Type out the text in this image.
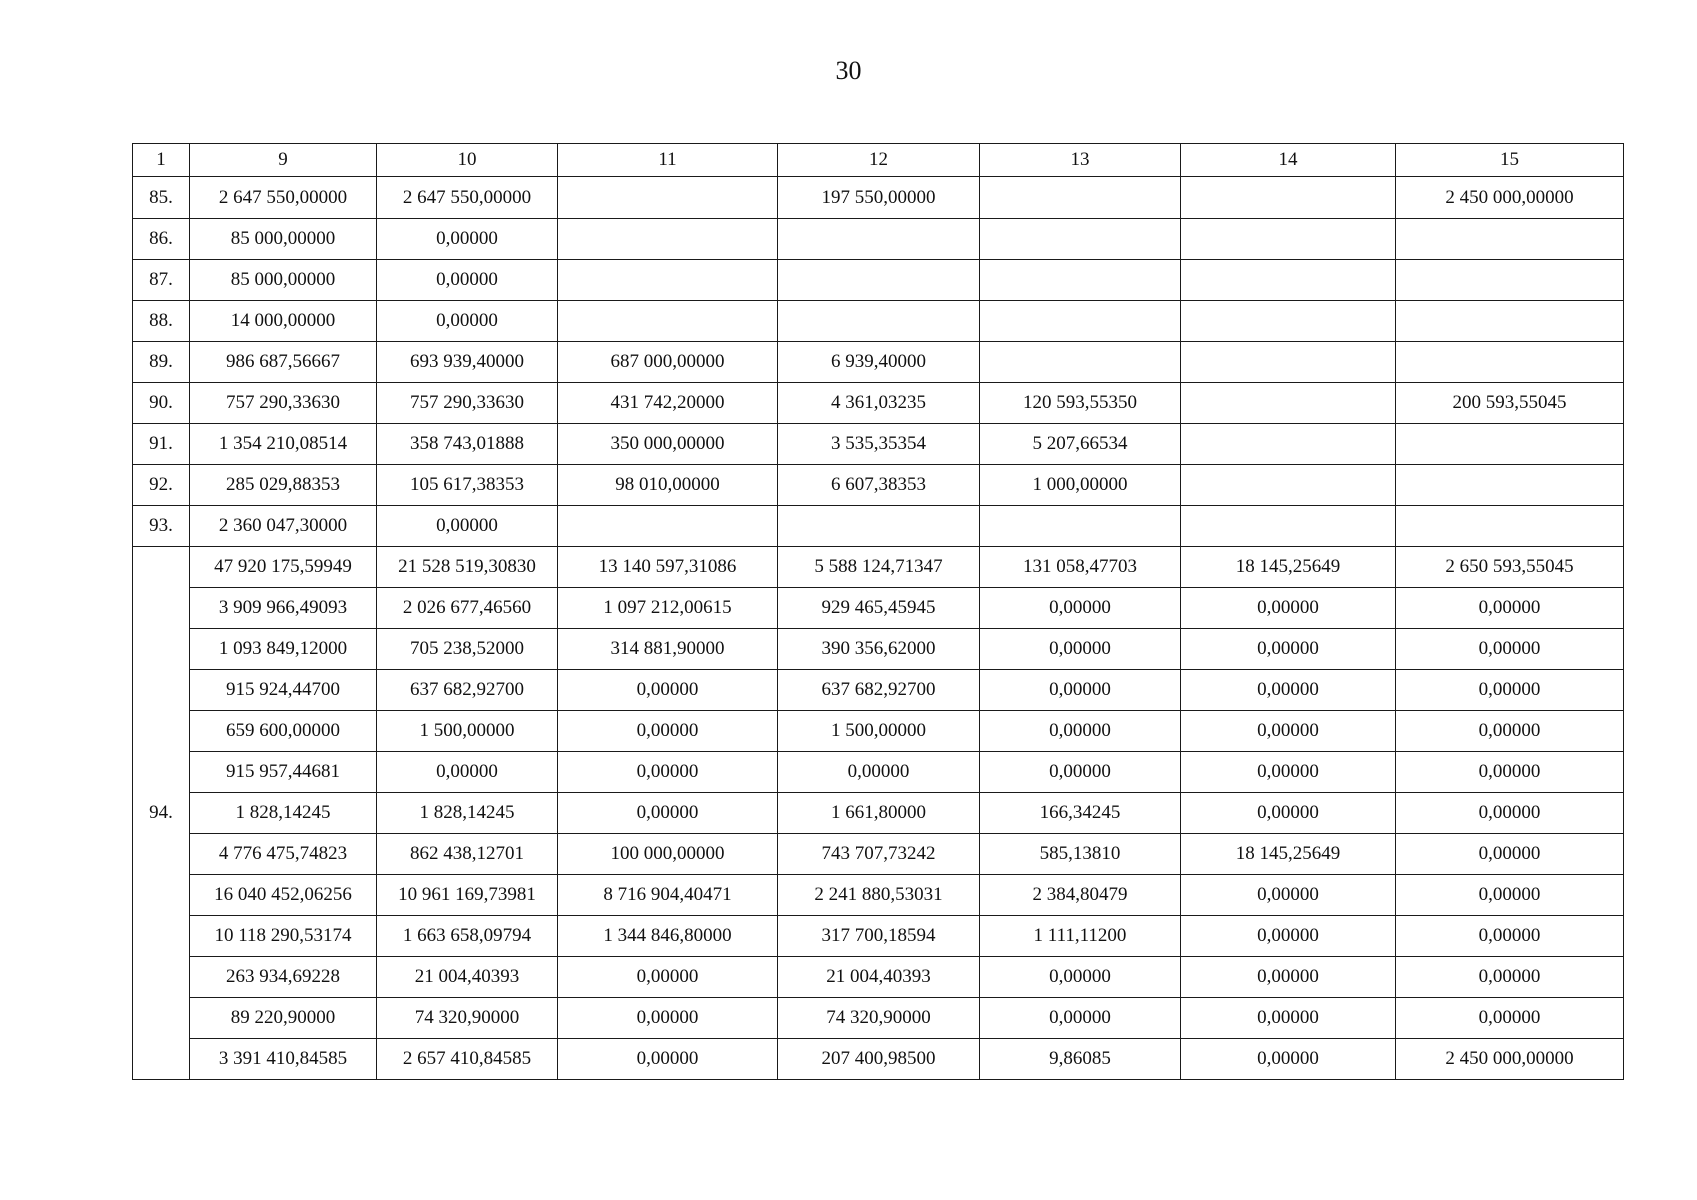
30
1	9	10	11	12	13	14	15
85.	2 647 550,00000	2 647 550,00000		197 550,00000			2 450 000,00000
86.	85 000,00000	0,00000					
87.	85 000,00000	0,00000					
88.	14 000,00000	0,00000					
89.	986 687,56667	693 939,40000	687 000,00000	6 939,40000			
90.	757 290,33630	757 290,33630	431 742,20000	4 361,03235	120 593,55350		200 593,55045
91.	1 354 210,08514	358 743,01888	350 000,00000	3 535,35354	5 207,66534		
92.	285 029,88353	105 617,38353	98 010,00000	6 607,38353	1 000,00000		
93.	2 360 047,30000	0,00000					
94.	47 920 175,59949	21 528 519,30830	13 140 597,31086	5 588 124,71347	131 058,47703	18 145,25649	2 650 593,55045
	3 909 966,49093	2 026 677,46560	1 097 212,00615	929 465,45945	0,00000	0,00000	0,00000
	1 093 849,12000	705 238,52000	314 881,90000	390 356,62000	0,00000	0,00000	0,00000
	915 924,44700	637 682,92700	0,00000	637 682,92700	0,00000	0,00000	0,00000
	659 600,00000	1 500,00000	0,00000	1 500,00000	0,00000	0,00000	0,00000
	915 957,44681	0,00000	0,00000	0,00000	0,00000	0,00000	0,00000
	1 828,14245	1 828,14245	0,00000	1 661,80000	166,34245	0,00000	0,00000
	4 776 475,74823	862 438,12701	100 000,00000	743 707,73242	585,13810	18 145,25649	0,00000
	16 040 452,06256	10 961 169,73981	8 716 904,40471	2 241 880,53031	2 384,80479	0,00000	0,00000
	10 118 290,53174	1 663 658,09794	1 344 846,80000	317 700,18594	1 111,11200	0,00000	0,00000
	263 934,69228	21 004,40393	0,00000	21 004,40393	0,00000	0,00000	0,00000
	89 220,90000	74 320,90000	0,00000	74 320,90000	0,00000	0,00000	0,00000
	3 391 410,84585	2 657 410,84585	0,00000	207 400,98500	9,86085	0,00000	2 450 000,00000
